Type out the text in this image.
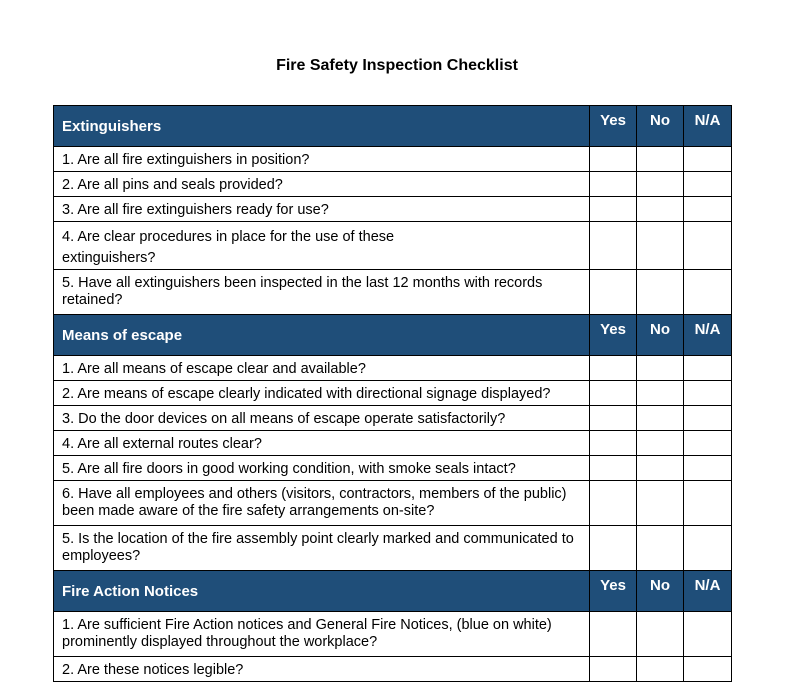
Fire Safety Inspection Checklist
Extinguishers	Yes	No	N/A
1. Are all fire extinguishers in position?			
2. Are all pins and seals provided?			
3. Are all fire extinguishers ready for use?			
4. Are clear procedures in place for the use of these extinguishers?			
5. Have all extinguishers been inspected in the last 12 months with records retained?			
Means of escape	Yes	No	N/A
1. Are all means of escape clear and available?			
2. Are means of escape clearly indicated with directional signage displayed?			
3. Do the door devices on all means of escape operate satisfactorily?			
4. Are all external routes clear?			
5. Are all fire doors in good working condition, with smoke seals intact?			
6. Have all employees and others (visitors, contractors, members of the public) been made aware of the fire safety arrangements on-site?			
5. Is the location of the fire assembly point clearly marked and communicated to employees?			
Fire Action Notices	Yes	No	N/A
1. Are sufficient Fire Action notices and General Fire Notices, (blue on white) prominently displayed throughout the workplace?			
2. Are these notices legible?			
